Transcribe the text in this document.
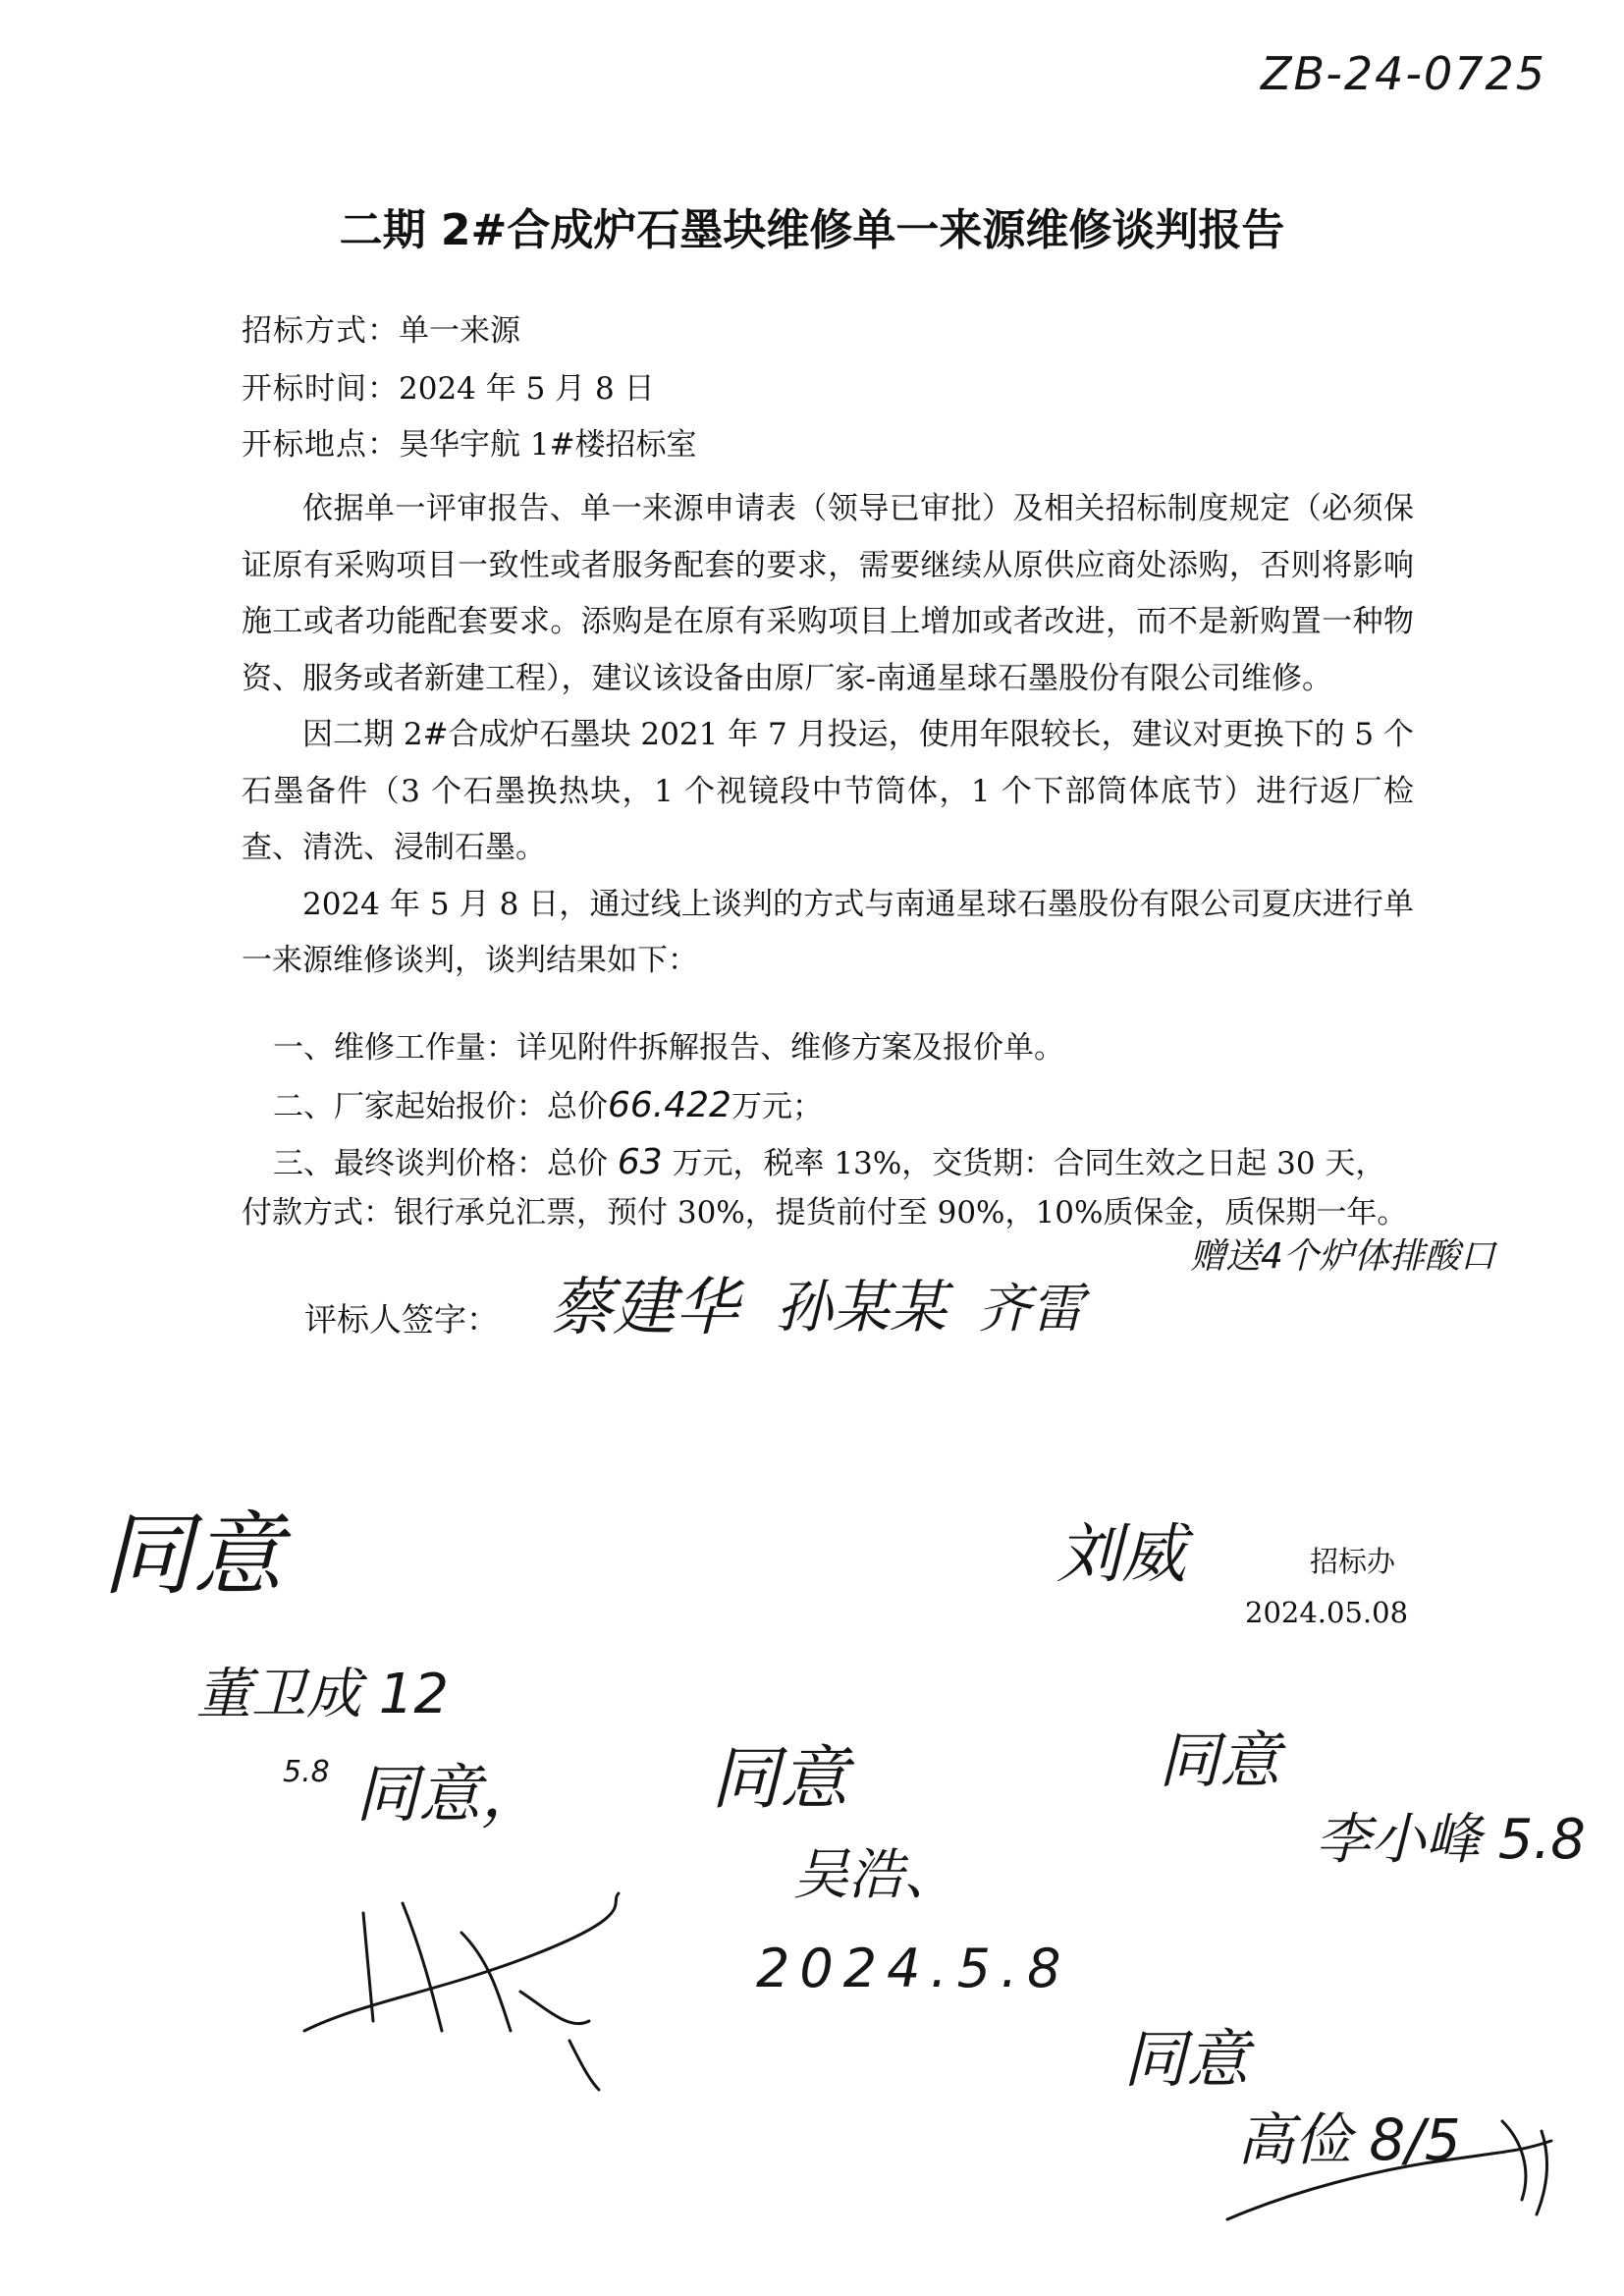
ZB-24-0725
二期 2#合成炉石墨块维修单一来源维修谈判报告
招标方式：单一来源
开标时间：2024 年 5 月 8 日
开标地点：昊华宇航 1#楼招标室

依据单一评审报告、单一来源申请表（领导已审批）及相关招标制度规定（必须保证原有采购项目一致性或者服务配套的要求，需要继续从原供应商处添购，否则将影响施工或者功能配套要求。添购是在原有采购项目上增加或者改进，而不是新购置一种物资、服务或者新建工程），建议该设备由原厂家-南通星球石墨股份有限公司维修。

因二期 2#合成炉石墨块 2021 年 7 月投运，使用年限较长，建议对更换下的 5 个石墨备件（3 个石墨换热块，1 个视镜段中节筒体，1 个下部筒体底节）进行返厂检查、清洗、浸制石墨。

2024 年 5 月 8 日，通过线上谈判的方式与南通星球石墨股份有限公司夏庆进行单一来源维修谈判，谈判结果如下：

一、维修工作量：详见附件拆解报告、维修方案及报价单。
二、厂家起始报价：总价66.422万元；
三、最终谈判价格：总价 63 万元，税率 13%，交货期：合同生效之日起 30 天，
付款方式：银行承兑汇票，预付 30%，提货前付至 90%，10%质保金，质保期一年。
赠送4个炉体排酸口
评标人签字： 蔡建华 孙某某 齐雷
刘威	招标办
2024.05.08
同意
董卫成 12
5.8 同意， 同意
吴浩、
2024.5.8
同意
李小峰 5.8
同意
高俭 8/5
